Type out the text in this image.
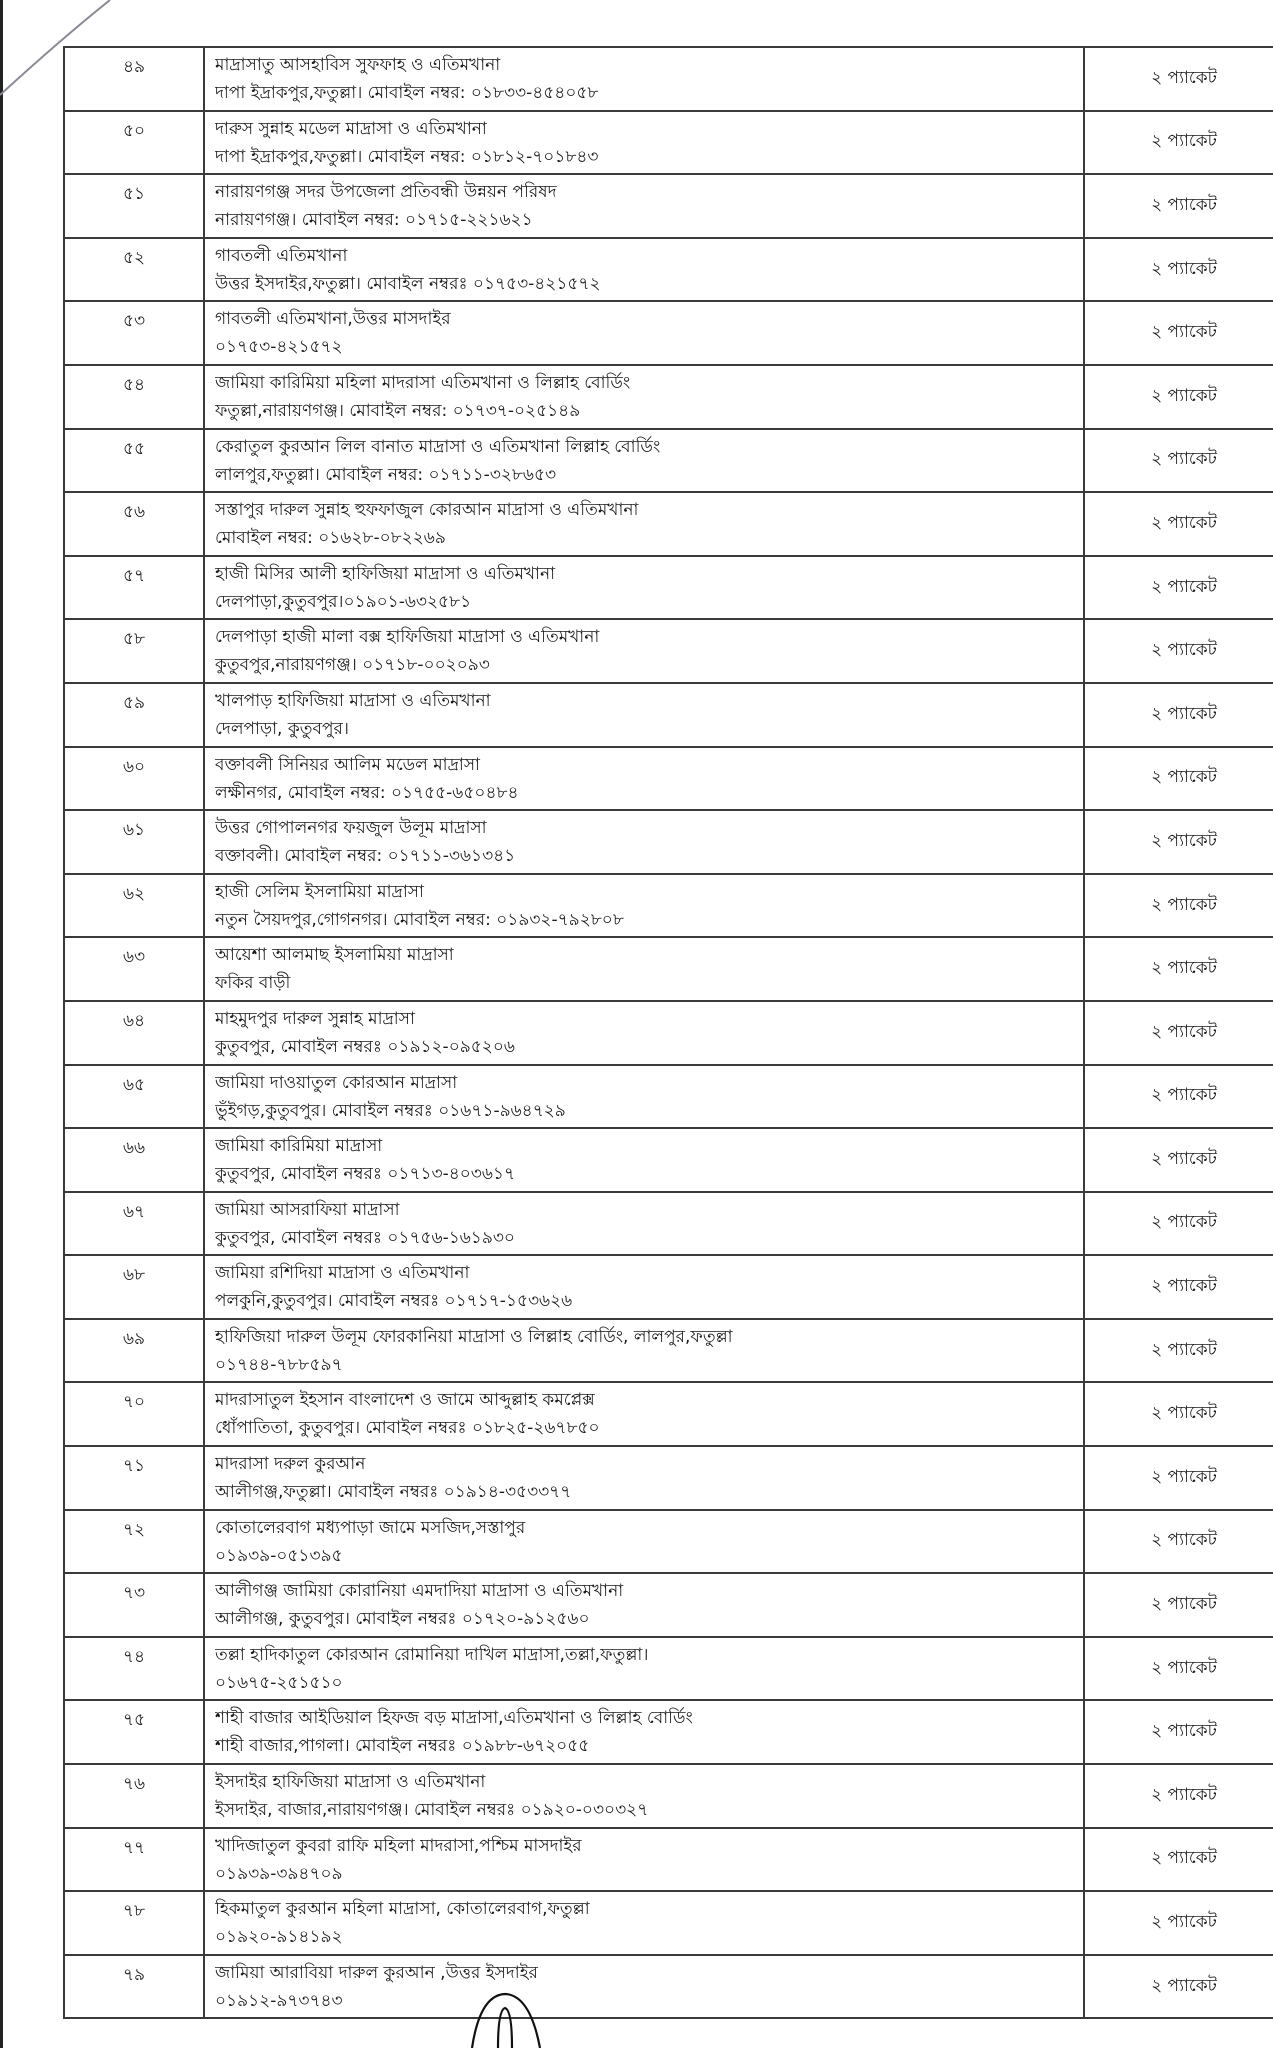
৪৯	মাদ্রাসাতু আসহাবিস সুফফাহ ও এতিমখানা
দাপা ইদ্রাকপুর,ফতুল্লা। মোবাইল নম্বর: ০১৮৩৩-৪৫৪০৫৮	২ প্যাকেট
৫০	দারুস সুন্নাহ মডেল মাদ্রাসা ও এতিমখানা
দাপা ইদ্রাকপুর,ফতুল্লা। মোবাইল নম্বর: ০১৮১২-৭০১৮৪৩	২ প্যাকেট
৫১	নারায়ণগঞ্জ সদর উপজেলা প্রতিবন্ধী উন্নয়ন পরিষদ
নারায়ণগঞ্জ। মোবাইল নম্বর: ০১৭১৫-২২১৬২১	২ প্যাকেট
৫২	গাবতলী এতিমখানা
উত্তর ইসদাইর,ফতুল্লা। মোবাইল নম্বরঃ ০১৭৫৩-৪২১৫৭২	২ প্যাকেট
৫৩	গাবতলী এতিমখানা,উত্তর মাসদাইর
০১৭৫৩-৪২১৫৭২	২ প্যাকেট
৫৪	জামিয়া কারিমিয়া মহিলা মাদরাসা এতিমখানা ও লিল্লাহ বোর্ডিং
ফতুল্লা,নারায়ণগঞ্জ। মোবাইল নম্বর: ০১৭৩৭-০২৫১৪৯	২ প্যাকেট
৫৫	কেরাতুল কুরআন লিল বানাত মাদ্রাসা ও এতিমখানা লিল্লাহ বোর্ডিং
লালপুর,ফতুল্লা। মোবাইল নম্বর: ০১৭১১-৩২৮৬৫৩	২ প্যাকেট
৫৬	সস্তাপুর দারুল সুন্নাহ হুফফাজুল কোরআন মাদ্রাসা ও এতিমখানা
মোবাইল নম্বর: ০১৬২৮-০৮২২৬৯	২ প্যাকেট
৫৭	হাজী মিসির আলী হাফিজিয়া মাদ্রাসা ও এতিমখানা
দেলপাড়া,কুতুবপুর।০১৯০১-৬৩২৫৮১	২ প্যাকেট
৫৮	দেলপাড়া হাজী মালা বক্স হাফিজিয়া মাদ্রাসা ও এতিমখানা
কুতুবপুর,নারায়ণগঞ্জ। ০১৭১৮-০০২০৯৩	২ প্যাকেট
৫৯	খালপাড় হাফিজিয়া মাদ্রাসা ও এতিমখানা
দেলপাড়া, কুতুবপুর।	২ প্যাকেট
৬০	বক্তাবলী সিনিয়র আলিম মডেল মাদ্রাসা
লক্ষীনগর, মোবাইল নম্বর: ০১৭৫৫-৬৫০৪৮৪	২ প্যাকেট
৬১	উত্তর গোপালনগর ফয়জুল উলূম মাদ্রাসা
বক্তাবলী। মোবাইল নম্বর: ০১৭১১-৩৬১৩৪১	২ প্যাকেট
৬২	হাজী সেলিম ইসলামিয়া মাদ্রাসা
নতুন সৈয়দপুর,গোগনগর। মোবাইল নম্বর: ০১৯৩২-৭৯২৮০৮	২ প্যাকেট
৬৩	আয়েশা আলমাছ ইসলামিয়া মাদ্রাসা
ফকির বাড়ী	২ প্যাকেট
৬৪	মাহমুদপুর দারুল সুন্নাহ মাদ্রাসা
কুতুবপুর, মোবাইল নম্বরঃ ০১৯১২-০৯৫২০৬	২ প্যাকেট
৬৫	জামিয়া দাওয়াতুল কোরআন মাদ্রাসা
ভুঁইগড়,কুতুবপুর। মোবাইল নম্বরঃ ০১৬৭১-৯৬৪৭২৯	২ প্যাকেট
৬৬	জামিয়া কারিমিয়া মাদ্রাসা
কুতুবপুর, মোবাইল নম্বরঃ ০১৭১৩-৪০৩৬১৭	২ প্যাকেট
৬৭	জামিয়া আসরাফিয়া মাদ্রাসা
কুতুবপুর, মোবাইল নম্বরঃ ০১৭৫৬-১৬১৯৩০	২ প্যাকেট
৬৮	জামিয়া রশিদিয়া মাদ্রাসা ও এতিমখানা
পলকুনি,কুতুবপুর। মোবাইল নম্বরঃ ০১৭১৭-১৫৩৬২৬	২ প্যাকেট
৬৯	হাফিজিয়া দারুল উলূম ফোরকানিয়া মাদ্রাসা ও লিল্লাহ বোর্ডিং, লালপুর,ফতুল্লা
০১৭৪৪-৭৮৮৫৯৭	২ প্যাকেট
৭০	মাদরাসাতুল ইহসান বাংলাদেশ ও জামে আব্দুল্লাহ কমপ্লেক্স
ধোঁপাতিতা, কুতুবপুর। মোবাইল নম্বরঃ ০১৮২৫-২৬৭৮৫০	২ প্যাকেট
৭১	মাদরাসা দরুল কুরআন
আলীগঞ্জ,ফতুল্লা। মোবাইল নম্বরঃ ০১৯১৪-৩৫৩৩৭৭	২ প্যাকেট
৭২	কোতালেরবাগ মধ্যপাড়া জামে মসজিদ,সস্তাপুর
০১৯৩৯-০৫১৩৯৫	২ প্যাকেট
৭৩	আলীগঞ্জ জামিয়া কোরানিয়া এমদাদিয়া মাদ্রাসা ও এতিমখানা
আলীগঞ্জ, কুতুবপুর। মোবাইল নম্বরঃ ০১৭২০-৯১২৫৬০	২ প্যাকেট
৭৪	তল্লা হাদিকাতুল কোরআন রোমানিয়া দাখিল মাদ্রাসা,তল্লা,ফতুল্লা।
০১৬৭৫-২৫১৫১০	২ প্যাকেট
৭৫	শাহী বাজার আইডিয়াল হিফজ বড় মাদ্রাসা,এতিমখানা ও লিল্লাহ বোর্ডিং
শাহী বাজার,পাগলা। মোবাইল নম্বরঃ ০১৯৮৮-৬৭২০৫৫	২ প্যাকেট
৭৬	ইসদাইর হাফিজিয়া মাদ্রাসা ও এতিমখানা
ইসদাইর, বাজার,নারায়ণগঞ্জ। মোবাইল নম্বরঃ ০১৯২০-০৩০৩২৭	২ প্যাকেট
৭৭	খাদিজাতুল কুবরা রাফি মহিলা মাদরাসা,পশ্চিম মাসদাইর
০১৯৩৯-৩৯৪৭০৯	২ প্যাকেট
৭৮	হিকমাতুল কুরআন মহিলা মাদ্রাসা, কোতালেরবাগ,ফতুল্লা
০১৯২০-৯১৪১৯২	২ প্যাকেট
৭৯	জামিয়া আরাবিয়া দারুল কুরআন ,উত্তর ইসদাইর
০১৯১২-৯৭৩৭৪৩	২ প্যাকেট
